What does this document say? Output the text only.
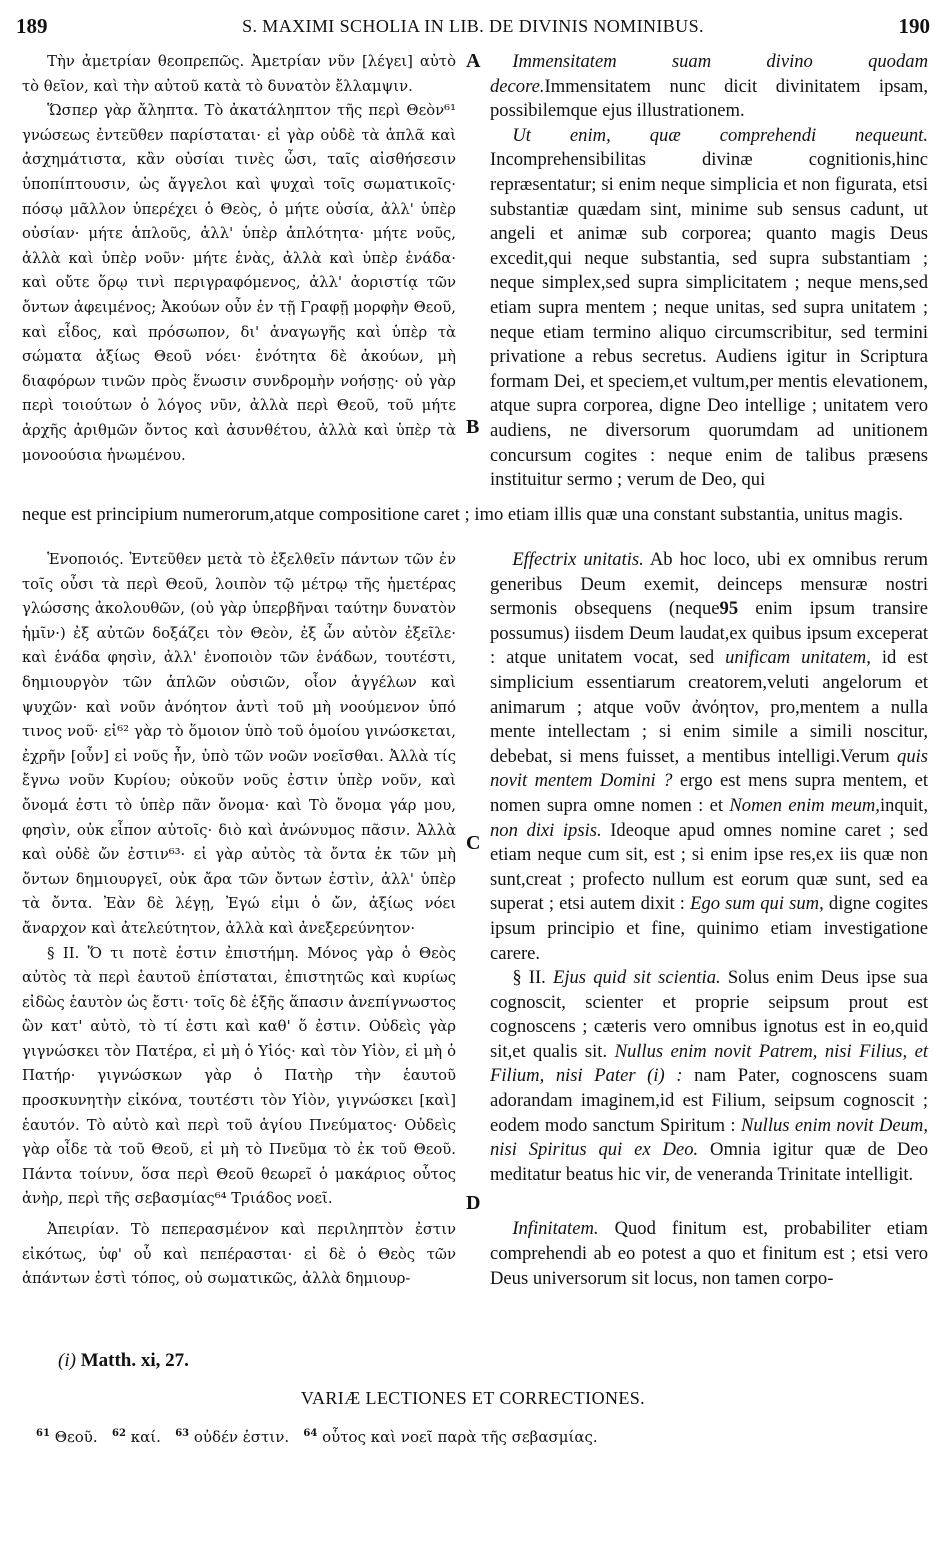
189	S. MAXIMI SCHOLIA IN LIB. DE DIVINIS NOMINIBUS.	190
A
B
C
D

Τὴν ἀμετρίαν θεοπρεπῶς. Ἀμετρίαν νῦν [λέγει] αὐτὸ τὸ θεῖον, καὶ τὴν αὐτοῦ κατὰ τὸ δυνατὸν ἔλλαμψιν.

Ὥσπερ γὰρ ἄληπτα. Τὸ ἀκατάληπτον τῆς περὶ Θεὸν⁶¹ γνώσεως ἐντεῦθεν παρίσταται· εἰ γὰρ οὐδὲ τὰ ἁπλᾶ καὶ ἀσχημάτιστα, κἂν οὐσίαι τινὲς ὦσι, ταῖς αἰσθήσεσιν ὑποπίπτουσιν, ὡς ἄγγελοι καὶ ψυχαὶ τοῖς σωματικοῖς· πόσῳ μᾶλλον ὑπερέχει ὁ Θεὸς, ὁ μήτε οὐσία, ἀλλ' ὑπὲρ οὐσίαν· μήτε ἁπλοῦς, ἀλλ' ὑπὲρ ἁπλότητα· μήτε νοῦς, ἀλλὰ καὶ ὑπὲρ νοῦν· μήτε ἑνὰς, ἀλλὰ καὶ ὑπὲρ ἑνάδα· καὶ οὔτε ὅρῳ τινὶ περιγραφόμενος, ἀλλ' ἀοριστίᾳ τῶν ὄντων ἀφειμένος; Ἀκούων οὖν ἐν τῇ Γραφῇ μορφὴν Θεοῦ, καὶ εἶδος, καὶ πρόσωπον, δι' ἀναγωγῆς καὶ ὑπὲρ τὰ σώματα ἀξίως Θεοῦ νόει· ἑνότητα δὲ ἀκούων, μὴ διαφόρων τινῶν πρὸς ἕνωσιν συνδρομὴν νοήσῃς· οὐ γὰρ περὶ τοιούτων ὁ λόγος νῦν, ἀλλὰ περὶ Θεοῦ, τοῦ μήτε ἀρχῆς ἀριθμῶν ὄντος καὶ ἀσυνθέτου, ἀλλὰ καὶ ὑπὲρ τὰ μονοούσια ἡνωμένου.

Immensitatem suam divino quodam decore.Immensitatem nunc dicit divinitatem ipsam, possibilemque ejus illustrationem.

Ut enim, quæ comprehendi nequeunt. Incomprehensibilitas divinæ cognitionis,hinc repræsentatur; si enim neque simplicia et non figurata, etsi substantiæ quædam sint, minime sub sensus cadunt, ut angeli et animæ sub corporea; quanto magis Deus excedit,qui neque substantia, sed supra substantiam ; neque simplex,sed supra simplicitatem ; neque mens,sed etiam supra mentem ; neque unitas, sed supra unitatem ; neque etiam termino aliquo circumscribitur, sed termini privatione a rebus secretus. Audiens igitur in Scriptura formam Dei, et speciem,et vultum,per mentis elevationem, atque supra corporea, digne Deo intellige ; unitatem vero audiens, ne diversorum quorumdam ad unitionem concursum cogites : neque enim de talibus præsens instituitur sermo ; verum de Deo, qui

neque est principium numerorum,atque compositione caret ; imo etiam illis quæ una constant substantia, unitus magis.

Ἑνοποιός. Ἐντεῦθεν μετὰ τὸ ἐξελθεῖν πάντων τῶν ἐν τοῖς οὖσι τὰ περὶ Θεοῦ, λοιπὸν τῷ μέτρῳ τῆς ἡμετέρας γλώσσης ἀκολουθῶν, (οὐ γὰρ ὑπερβῆναι ταύτην δυνατὸν ἡμῖν·) ἐξ αὐτῶν δοξάζει τὸν Θεὸν, ἐξ ὧν αὐτὸν ἐξεῖλε· καὶ ἑνάδα φησὶν, ἀλλ' ἑνοποιὸν τῶν ἑνάδων, τουτέστι, δημιουργὸν τῶν ἁπλῶν οὐσιῶν, οἷον ἀγγέλων καὶ ψυχῶν· καὶ νοῦν ἀνόητον ἀντὶ τοῦ μὴ νοούμενον ὑπό τινος νοῦ· εἰ⁶² γὰρ τὸ ὅμοιον ὑπὸ τοῦ ὁμοίου γινώσκεται, ἐχρῆν [οὖν] εἰ νοῦς ἦν, ὑπὸ τῶν νοῶν νοεῖσθαι. Ἀλλὰ τίς ἔγνω νοῦν Κυρίου; οὐκοῦν νοῦς ἐστιν ὑπὲρ νοῦν, καὶ ὄνομά ἐστι τὸ ὑπὲρ πᾶν ὄνομα· καὶ Τὸ ὄνομα γάρ μου, φησὶν, οὐκ εἶπον αὐτοῖς· διὸ καὶ ἀνώνυμος πᾶσιν. Ἀλλὰ καὶ οὐδὲ ὤν ἐστιν⁶³· εἰ γὰρ αὐτὸς τὰ ὄντα ἐκ τῶν μὴ ὄντων δημιουργεῖ, οὐκ ἄρα τῶν ὄντων ἐστὶν, ἀλλ' ὑπὲρ τὰ ὄντα. Ἐὰν δὲ λέγῃ, Ἐγώ εἰμι ὁ ὤν, ἀξίως νόει ἄναρχον καὶ ἀτελεύτητον, ἀλλὰ καὶ ἀνεξερεύνητον·

§ II. Ὅ τι ποτὲ ἐστιν ἐπιστήμη. Μόνος γὰρ ὁ Θεὸς αὐτὸς τὰ περὶ ἑαυτοῦ ἐπίσταται, ἐπιστητῶς καὶ κυρίως εἰδὼς ἑαυτὸν ὡς ἔστι· τοῖς δὲ ἑξῆς ἅπασιν ἀνεπίγνωστος ὢν κατ' αὐτὸ, τὸ τί ἐστι καὶ καθ' ὅ ἐστιν. Οὐδεὶς γὰρ γιγνώσκει τὸν Πατέρα, εἰ μὴ ὁ Υἱός· καὶ τὸν Υἱὸν, εἰ μὴ ὁ Πατήρ· γιγνώσκων γὰρ ὁ Πατὴρ τὴν ἑαυτοῦ προσκυνητὴν εἰκόνα, τουτέστι τὸν Υἱὸν, γιγνώσκει [καὶ] ἑαυτόν. Τὸ αὐτὸ καὶ περὶ τοῦ ἁγίου Πνεύματος· Οὐδεὶς γὰρ οἶδε τὰ τοῦ Θεοῦ, εἰ μὴ τὸ Πνεῦμα τὸ ἐκ τοῦ Θεοῦ. Πάντα τοίνυν, ὅσα περὶ Θεοῦ θεωρεῖ ὁ μακάριος οὗτος ἀνὴρ, περὶ τῆς σεβασμίας⁶⁴ Τριάδος νοεῖ.

Ἀπειρίαν. Τὸ πεπερασμένον καὶ περιληπτὸν ἐστιν εἰκότως, ὑφ' οὗ καὶ πεπέρασται· εἰ δὲ ὁ Θεὸς τῶν ἁπάντων ἐστὶ τόπος, οὐ σωματικῶς, ἀλλὰ δημιουρ-

Effectrix unitatis. Ab hoc loco, ubi ex omnibus rerum generibus Deum exemit, deinceps mensuræ nostri sermonis obsequens (neque95 enim ipsum transire possumus) iisdem Deum laudat,ex quibus ipsum exceperat : atque unitatem vocat, sed unificam unitatem, id est simplicium essentiarum creatorem,veluti angelorum et animarum ; atque νοῦν ἀνόητον, pro,mentem a nulla mente intellectam ; si enim simile a simili noscitur, debebat, si mens fuisset, a mentibus intelligi.Verum quis novit mentem Domini ? ergo est mens supra mentem, et nomen supra omne nomen : et Nomen enim meum,inquit, non dixi ipsis. Ideoque apud omnes nomine caret ; sed etiam neque cum sit, est ; si enim ipse res,ex iis quæ non sunt,creat ; profecto nullum est eorum quæ sunt, sed ea superat ; etsi autem dixit : Ego sum qui sum, digne cogites ipsum principio et fine, quinimo etiam investigatione carere.

§ II. Ejus quid sit scientia. Solus enim Deus ipse sua cognoscit, scienter et proprie seipsum prout est cognoscens ; cæteris vero omnibus ignotus est in eo,quid sit,et qualis sit. Nullus enim novit Patrem, nisi Filius, et Filium, nisi Pater (i) : nam Pater, cognoscens suam adorandam imaginem,id est Filium, seipsum cognoscit ; eodem modo sanctum Spiritum : Nullus enim novit Deum, nisi Spiritus qui ex Deo. Omnia igitur quæ de Deo meditatur beatus hic vir, de veneranda Trinitate intelligit.

Infinitatem. Quod finitum est, probabiliter etiam comprehendi ab eo potest a quo et finitum est ; etsi vero Deus universorum sit locus, non tamen corpo-

(i) Matth. xi, 27.
VARIÆ LECTIONES ET CORRECTIONES.
$^{61}$ Θεοῦ. $^{62}$ καί. $^{63}$ οὐδέν ἐστιν. $^{64}$ οὗτος καὶ νοεῖ παρὰ τῆς σεβασμίας.
